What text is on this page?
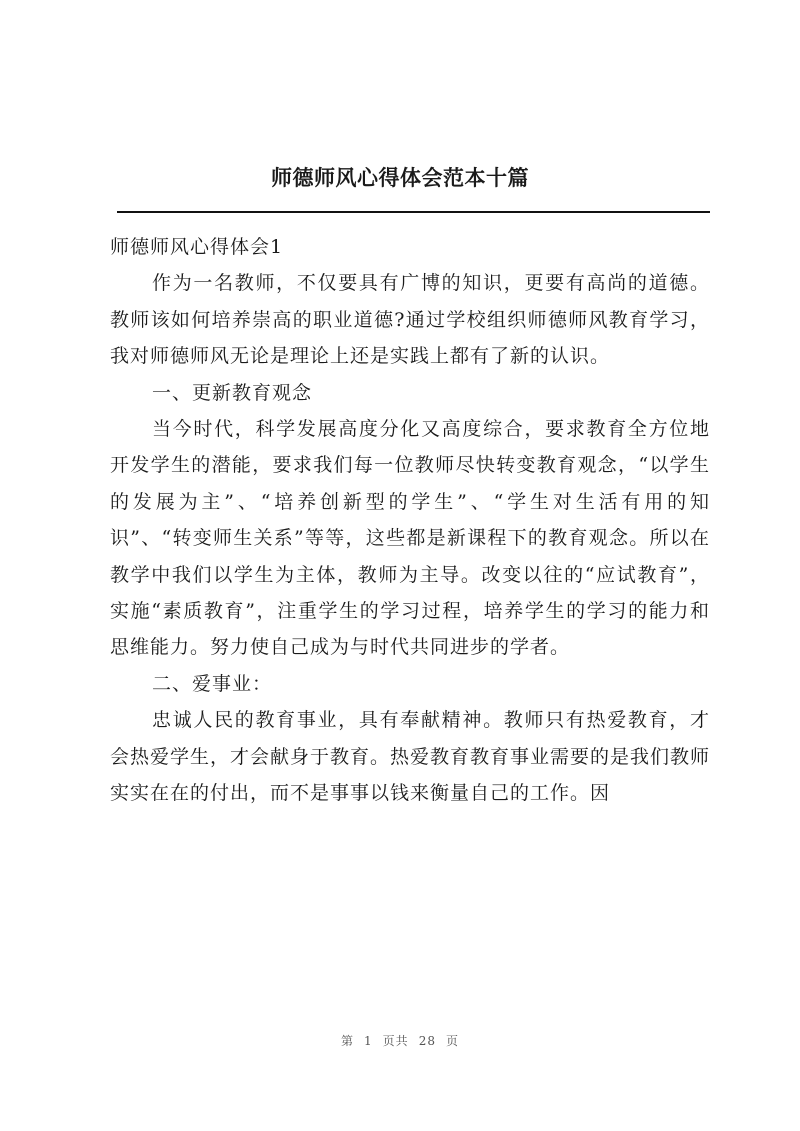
师德师风心得体会范本十篇

师德师风心得体会1

作为一名教师，不仅要具有广博的知识，更要有高尚的道德。教师该如何培养崇高的职业道德?通过学校组织师德师风教育学习，我对师德师风无论是理论上还是实践上都有了新的认识。

一、更新教育观念

当今时代，科学发展高度分化又高度综合，要求教育全方位地开发学生的潜能，要求我们每一位教师尽快转变教育观念，“以学生的发展为主”、“培养创新型的学生”、“学生对生活有用的知识”、“转变师生关系”等等，这些都是新课程下的教育观念。所以在教学中我们以学生为主体，教师为主导。改变以往的“应试教育”，实施“素质教育”，注重学生的学习过程，培养学生的学习的能力和思维能力。努力使自己成为与时代共同进步的学者。

二、爱事业：

忠诚人民的教育事业，具有奉献精神。教师只有热爱教育，才会热爱学生，才会献身于教育。热爱教育教育事业需要的是我们教师实实在在的付出，而不是事事以钱来衡量自己的工作。因

第 1 页共 28 页
